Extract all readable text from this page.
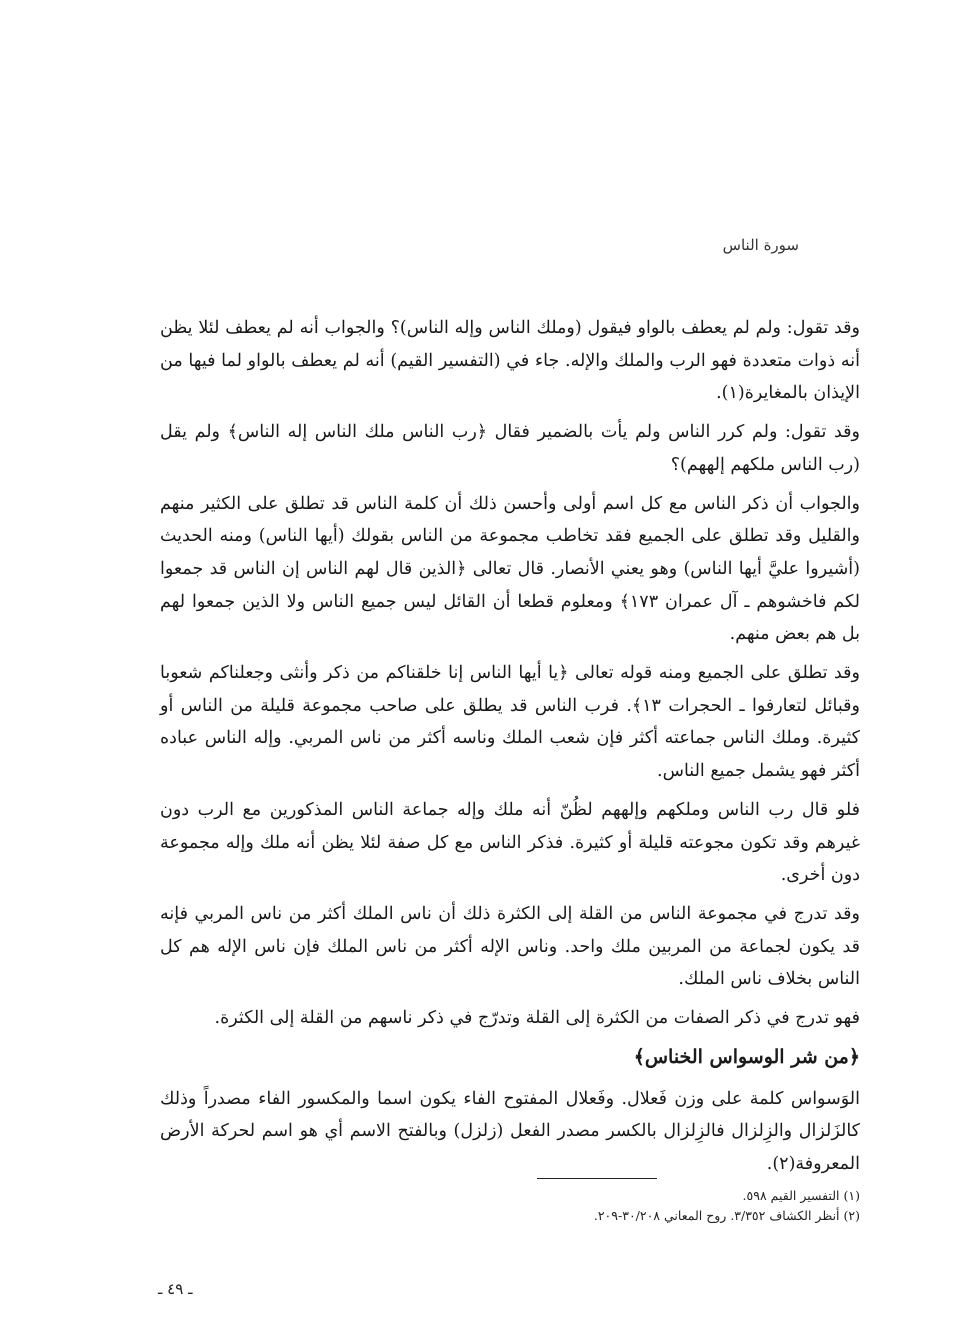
سورة الناس

وقد تقول: ولم لم يعطف بالواو فيقول (وملك الناس وإله الناس)؟ والجواب أنه لم يعطف لئلا يظن أنه ذوات متعددة فهو الرب والملك والإله. جاء في (التفسير القيم) أنه لم يعطف بالواو لما فيها من الإيذان بالمغايرة(١).

وقد تقول: ولم كرر الناس ولم يأت بالضمير فقال ﴿رب الناس ملك الناس إله الناس﴾ ولم يقل (رب الناس ملكهم إلههم)؟

والجواب أن ذكر الناس مع كل اسم أولى وأحسن ذلك أن كلمة الناس قد تطلق على الكثير منهم والقليل وقد تطلق على الجميع فقد تخاطب مجموعة من الناس بقولك (أيها الناس) ومنه الحديث (أشيروا عليَّ أيها الناس) وهو يعني الأنصار. قال تعالى ﴿الذين قال لهم الناس إن الناس قد جمعوا لكم فاخشوهم ـ آل عمران ١٧٣﴾ ومعلوم قطعا أن القائل ليس جميع الناس ولا الذين جمعوا لهم بل هم بعض منهم.

وقد تطلق على الجميع ومنه قوله تعالى ﴿يا أيها الناس إنا خلقناكم من ذكر وأنثى وجعلناكم شعوبا وقبائل لتعارفوا ـ الحجرات ١٣﴾. فرب الناس قد يطلق على صاحب مجموعة قليلة من الناس أو كثيرة. وملك الناس جماعته أكثر فإن شعب الملك وناسه أكثر من ناس المربي. وإله الناس عباده أكثر فهو يشمل جميع الناس.

فلو قال رب الناس وملكهم وإلههم لظُنّ أنه ملك وإله جماعة الناس المذكورين مع الرب دون غيرهم وقد تكون مجوعته قليلة أو كثيرة. فذكر الناس مع كل صفة لئلا يظن أنه ملك وإله مجموعة دون أخرى.

وقد تدرج في مجموعة الناس من القلة إلى الكثرة ذلك أن ناس الملك أكثر من ناس المربي فإنه قد يكون لجماعة من المربين ملك واحد. وناس الإله أكثر من ناس الملك فإن ناس الإله هم كل الناس بخلاف ناس الملك.

فهو تدرج في ذكر الصفات من الكثرة إلى القلة وتدرّج في ذكر ناسهم من القلة إلى الكثرة.

﴿من شر الوسواس الخناس﴾

الوَسواس كلمة على وزن فَعلال. وفَعلال المفتوح الفاء يكون اسما والمكسور الفاء مصدراً وذلك كالزَلزال والزِلزال فالزِلزال بالكسر مصدر الفعل (زلزل) وبالفتح الاسم أي هو اسم لحركة الأرض المعروفة(٢).

(١) التفسير القيم ٥٩٨.
(٢) أنظر الكشاف ٣/٣٥٢. روح المعاني ٣٠/٢٠٨-٢٠٩.
ـ ٤٩ ـ
